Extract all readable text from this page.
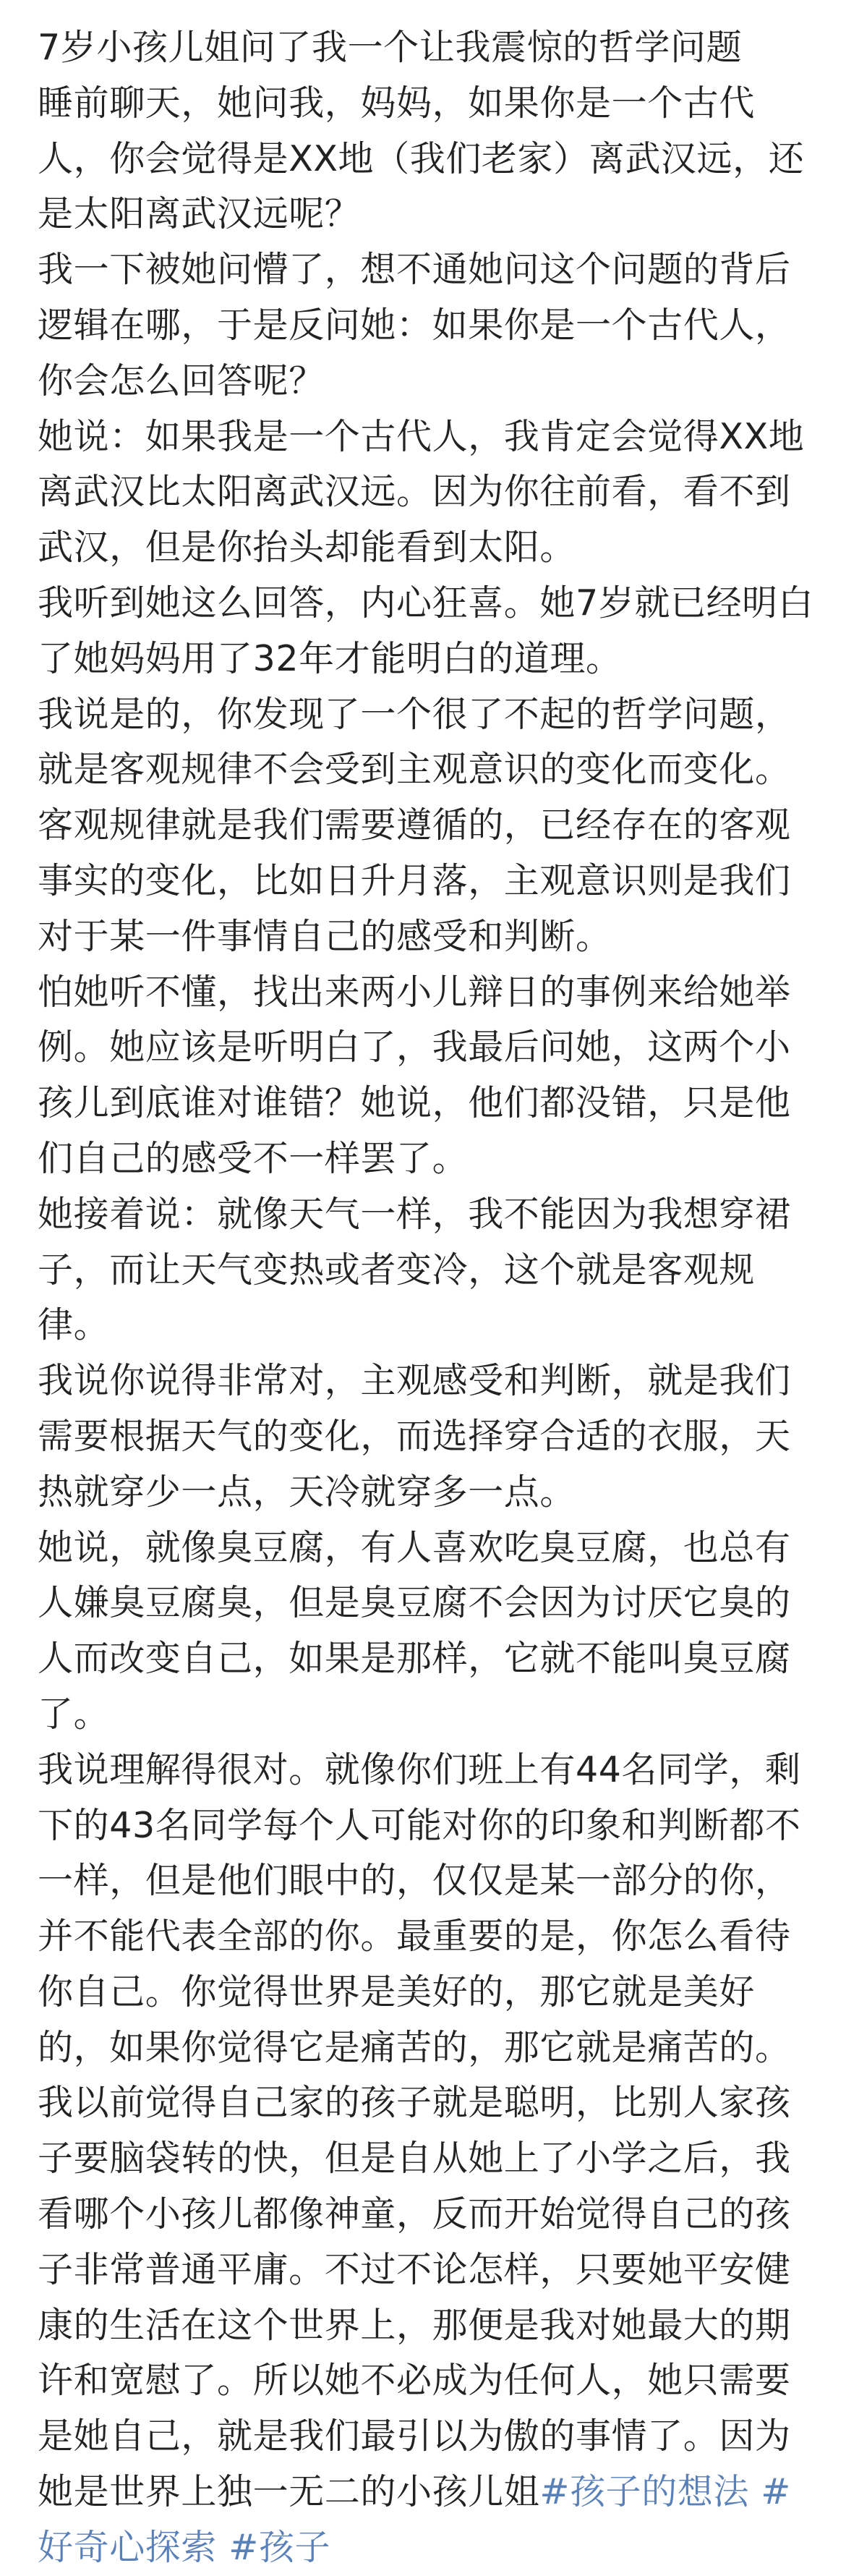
7岁小孩儿姐问了我一个让我震惊的哲学问题

睡前聊天，她问我，妈妈，如果你是一个古代人，你会觉得是XX地（我们老家）离武汉远，还是太阳离武汉远呢？

我一下被她问懵了，想不通她问这个问题的背后逻辑在哪，于是反问她：如果你是一个古代人，你会怎么回答呢？

她说：如果我是一个古代人，我肯定会觉得XX地离武汉比太阳离武汉远。因为你往前看，看不到武汉，但是你抬头却能看到太阳。

我听到她这么回答，内心狂喜。她7岁就已经明白了她妈妈用了32年才能明白的道理。

我说是的，你发现了一个很了不起的哲学问题，就是客观规律不会受到主观意识的变化而变化。客观规律就是我们需要遵循的，已经存在的客观事实的变化，比如日升月落，主观意识则是我们对于某一件事情自己的感受和判断。

怕她听不懂，找出来两小儿辩日的事例来给她举例。她应该是听明白了，我最后问她，这两个小孩儿到底谁对谁错？她说，他们都没错，只是他们自己的感受不一样罢了。

她接着说：就像天气一样，我不能因为我想穿裙子，而让天气变热或者变冷，这个就是客观规律。

我说你说得非常对，主观感受和判断，就是我们需要根据天气的变化，而选择穿合适的衣服，天热就穿少一点，天冷就穿多一点。

她说，就像臭豆腐，有人喜欢吃臭豆腐，也总有人嫌臭豆腐臭，但是臭豆腐不会因为讨厌它臭的人而改变自己，如果是那样，它就不能叫臭豆腐了。

我说理解得很对。就像你们班上有44名同学，剩下的43名同学每个人可能对你的印象和判断都不一样，但是他们眼中的，仅仅是某一部分的你，并不能代表全部的你。最重要的是，你怎么看待你自己。你觉得世界是美好的，那它就是美好的，如果你觉得它是痛苦的，那它就是痛苦的。

我以前觉得自己家的孩子就是聪明，比别人家孩子要脑袋转的快，但是自从她上了小学之后，我看哪个小孩儿都像神童，反而开始觉得自己的孩子非常普通平庸。不过不论怎样，只要她平安健康的生活在这个世界上，那便是我对她最大的期许和宽慰了。所以她不必成为任何人，她只需要是她自己，就是我们最引以为傲的事情了。因为她是世界上独一无二的小孩儿姐#孩子的想法 #好奇心探索 #孩子
